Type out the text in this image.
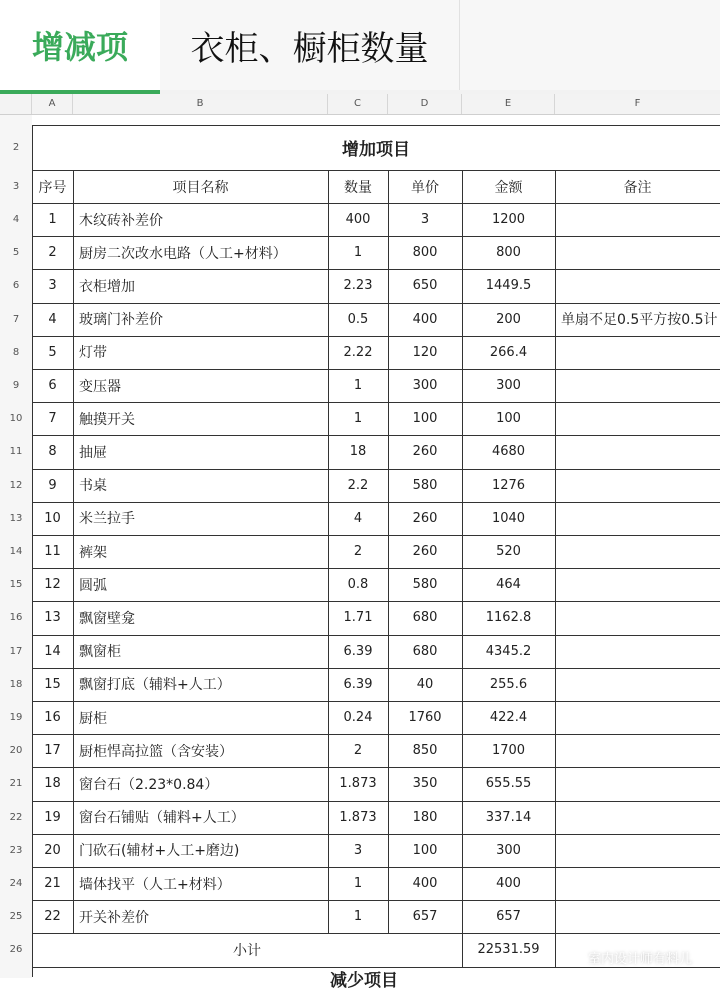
增减项 衣柜、橱柜数量
A	B	C	D	E	F
2
3
4
5
6
7
8
9
10
11
12
13
14
15
16
17
18
19
20
21
22
23
24
25
26
增加项目
序号	项目名称	数量	单价	金额	备注
1	木纹砖补差价	400	3	1200
2	厨房二次改水电路（人工+材料）	1	800	800
3	衣柜增加	2.23	650	1449.5
4	玻璃门补差价	0.5	400	200	单扇不足0.5平方按0.5计
5	灯带	2.22	120	266.4
6	变压器	1	300	300
7	触摸开关	1	100	100
8	抽屉	18	260	4680
9	书桌	2.2	580	1276
10	米兰拉手	4	260	1040
11	裤架	2	260	520
12	圆弧	0.8	580	464
13	飘窗壁龛	1.71	680	1162.8
14	飘窗柜	6.39	680	4345.2
15	飘窗打底（辅料+人工）	6.39	40	255.6
16	厨柜	0.24	1760	422.4
17	厨柜悍高拉篮（含安装）	2	850	1700
18	窗台石（2.23*0.84）	1.873	350	655.55
19	窗台石铺贴（辅料+人工）	1.873	180	337.14
20	门砍石(辅材+人工+磨边)	3	100	300
21	墙体找平（人工+材料）	1	400	400
22	开关补差价	1	657	657
小计	22531.59
室内设计师有料儿
减少项目
